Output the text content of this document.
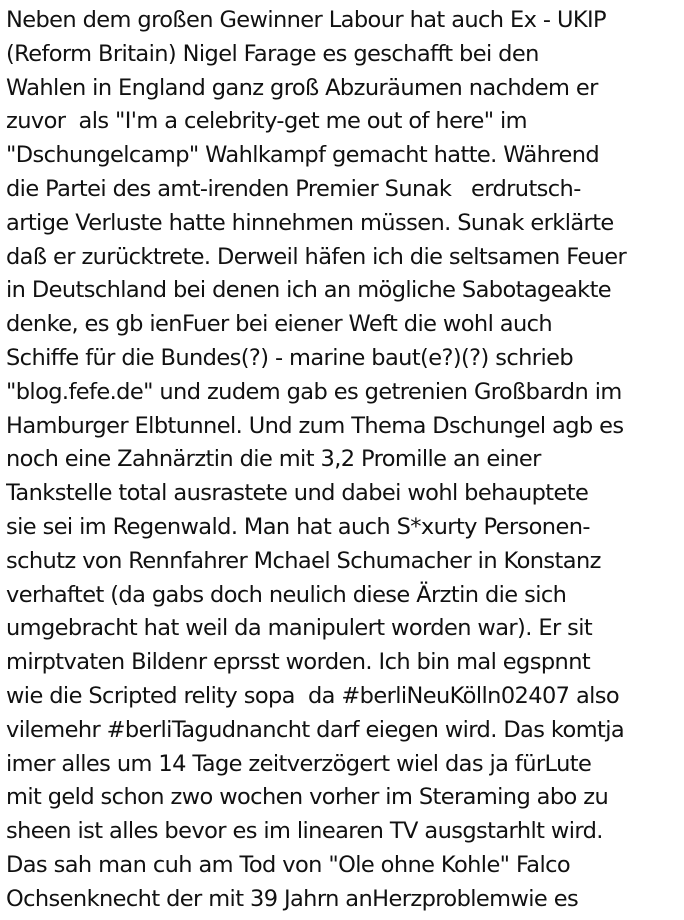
Neben dem großen Gewinner Labour hat auch Ex - UKIP
(Reform Britain) Nigel Farage es geschafft bei den
Wahlen in England ganz groß Abzuräumen nachdem er
zuvor  als "I'm a celebrity-get me out of here" im
"Dschungelcamp" Wahlkampf gemacht hatte. Während
die Partei des amt-irenden Premier Sunak   erdrutsch-
artige Verluste hatte hinnehmen müssen. Sunak erklärte
daß er zurücktrete. Derweil häfen ich die seltsamen Feuer
in Deutschland bei denen ich an mögliche Sabotageakte
denke, es gb ienFuer bei eiener Weft die wohl auch
Schiffe für die Bundes(?) - marine baut(e?)(?) schrieb
"blog.fefe.de" und zudem gab es getrenien Großbardn im
Hamburger Elbtunnel. Und zum Thema Dschungel agb es
noch eine Zahnärztin die mit 3,2 Promille an einer
Tankstelle total ausrastete und dabei wohl behauptete
sie sei im Regenwald. Man hat auch S*xurty Personen-
schutz von Rennfahrer Mchael Schumacher in Konstanz
verhaftet (da gabs doch neulich diese Ärztin die sich
umgebracht hat weil da manipulert worden war). Er sit
mirptvaten Bildenr eprsst worden. Ich bin mal egspnnt
wie die Scripted relity sopa  da #berliNeuKölln02407 also
vilemehr #berliTagudnancht darf eiegen wird. Das komtja
imer alles um 14 Tage zeitverzögert wiel das ja fürLute
mit geld schon zwo wochen vorher im Steraming abo zu
sheen ist alles bevor es im linearen TV ausgstarhlt wird.
Das sah man cuh am Tod von "Ole ohne Kohle" Falco
Ochsenknecht der mit 39 Jahrn anHerzproblemwie es
